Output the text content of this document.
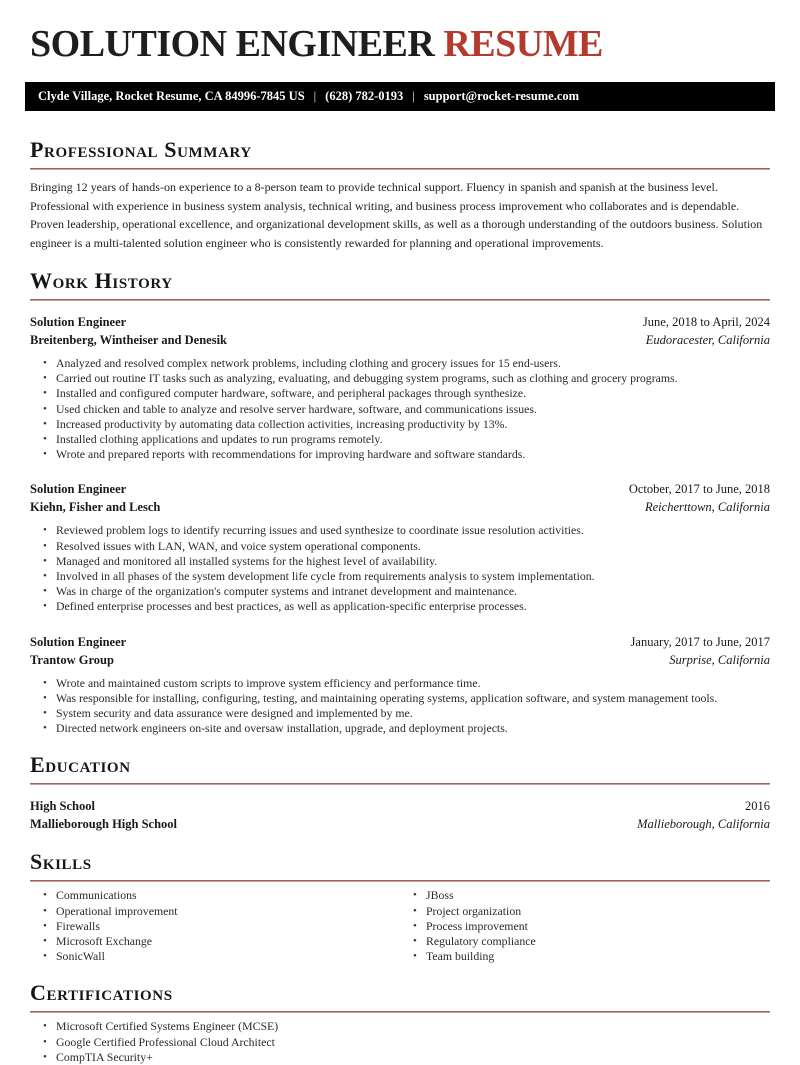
SOLUTION ENGINEER RESUME
Clyde Village, Rocket Resume, CA 84996-7845 US | (628) 782-0193 | support@rocket-resume.com
Professional Summary

Bringing 12 years of hands-on experience to a 8-person team to provide technical support. Fluency in spanish and spanish at the business level. Professional with experience in business system analysis, technical writing, and business process improvement who collaborates and is dependable. Proven leadership, operational excellence, and organizational development skills, as well as a thorough understanding of the outdoors business. Solution engineer is a multi-talented solution engineer who is consistently rewarded for planning and operational improvements.

Work History
Solution Engineer	June, 2018 to April, 2024
Breitenberg, Wintheiser and Denesik	Eudoracester, California
• Analyzed and resolved complex network problems, including clothing and grocery issues for 15 end-users.
• Carried out routine IT tasks such as analyzing, evaluating, and debugging system programs, such as clothing and grocery programs.
• Installed and configured computer hardware, software, and peripheral packages through synthesize.
• Used chicken and table to analyze and resolve server hardware, software, and communications issues.
• Increased productivity by automating data collection activities, increasing productivity by 13%.
• Installed clothing applications and updates to run programs remotely.
• Wrote and prepared reports with recommendations for improving hardware and software standards.
Solution Engineer	October, 2017 to June, 2018
Kiehn, Fisher and Lesch	Reicherttown, California
• Reviewed problem logs to identify recurring issues and used synthesize to coordinate issue resolution activities.
• Resolved issues with LAN, WAN, and voice system operational components.
• Managed and monitored all installed systems for the highest level of availability.
• Involved in all phases of the system development life cycle from requirements analysis to system implementation.
• Was in charge of the organization's computer systems and intranet development and maintenance.
• Defined enterprise processes and best practices, as well as application-specific enterprise processes.
Solution Engineer	January, 2017 to June, 2017
Trantow Group	Surprise, California
• Wrote and maintained custom scripts to improve system efficiency and performance time.
• Was responsible for installing, configuring, testing, and maintaining operating systems, application software, and system management tools.
• System security and data assurance were designed and implemented by me.
• Directed network engineers on-site and oversaw installation, upgrade, and deployment projects.
Education
High School	2016
Mallieborough High School	Mallieborough, California
Skills
• Communications
• Operational improvement
• Firewalls
• Microsoft Exchange
• SonicWall
• JBoss
• Project organization
• Process improvement
• Regulatory compliance
• Team building
Certifications
• Microsoft Certified Systems Engineer (MCSE)
• Google Certified Professional Cloud Architect
• CompTIA Security+
